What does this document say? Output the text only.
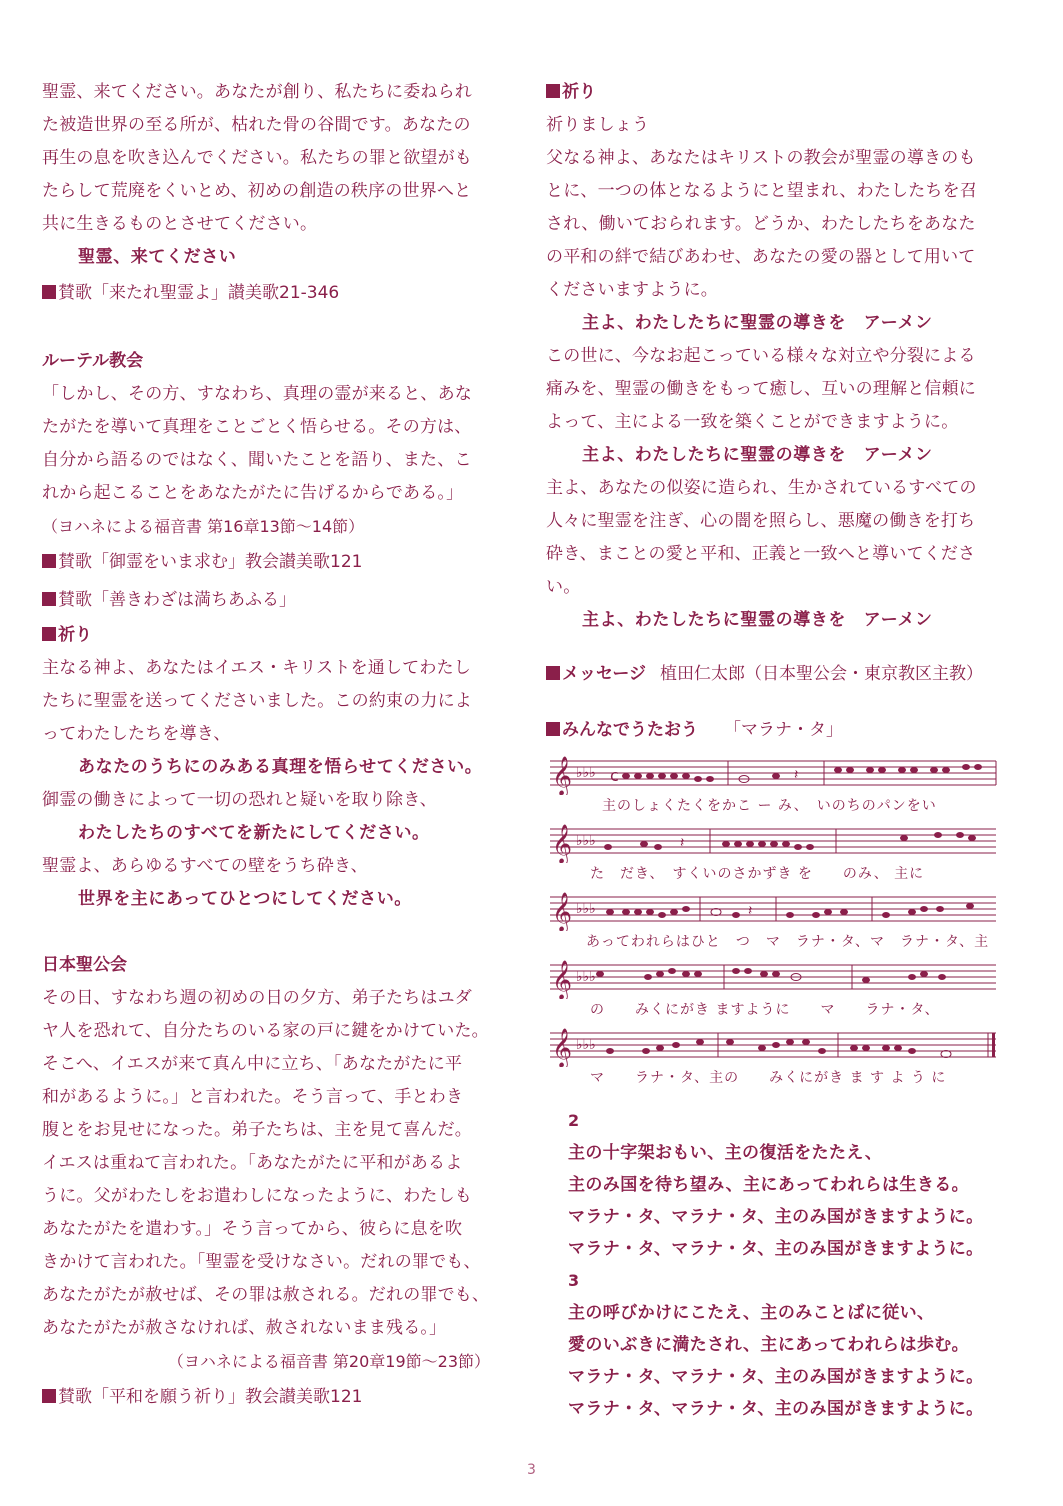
聖霊、来てください。あなたが創り、私たちに委ねられ
た被造世界の至る所が、枯れた骨の谷間です。あなたの
再生の息を吹き込んでください。私たちの罪と欲望がも
たらして荒廃をくいとめ、初めの創造の秩序の世界へと
共に生きるものとさせてください。
聖霊、来てください
賛歌「来たれ聖霊よ」讃美歌21-346
ルーテル教会
「しかし、その方、すなわち、真理の霊が来ると、あな
たがたを導いて真理をことごとく悟らせる。その方は、
自分から語るのではなく、聞いたことを語り、また、こ
れから起こることをあなたがたに告げるからである。」
（ヨハネによる福音書 第16章13節～14節）
賛歌「御霊をいま求む」教会讃美歌121
賛歌「善きわざは満ちあふる」
祈り
主なる神よ、あなたはイエス・キリストを通してわたし
たちに聖霊を送ってくださいました。この約束の力によ
ってわたしたちを導き、
あなたのうちにのみある真理を悟らせてください。
御霊の働きによって一切の恐れと疑いを取り除き、
わたしたちのすべてを新たにしてください。
聖霊よ、あらゆるすべての壁をうち砕き、
世界を主にあってひとつにしてください。
日本聖公会
その日、すなわち週の初めの日の夕方、弟子たちはユダ
ヤ人を恐れて、自分たちのいる家の戸に鍵をかけていた。
そこへ、イエスが来て真ん中に立ち、「あなたがたに平
和があるように。」と言われた。そう言って、手とわき
腹とをお見せになった。弟子たちは、主を見て喜んだ。
イエスは重ねて言われた。「あなたがたに平和があるよ
うに。父がわたしをお遣わしになったように、わたしも
あなたがたを遣わす。」そう言ってから、彼らに息を吹
きかけて言われた。「聖霊を受けなさい。だれの罪でも、
あなたがたが赦せば、その罪は赦される。だれの罪でも、
あなたがたが赦さなければ、赦されないまま残る。」
（ヨハネによる福音書 第20章19節～23節）
賛歌「平和を願う祈り」教会讃美歌121
祈り
祈りましょう
父なる神よ、あなたはキリストの教会が聖霊の導きのも
とに、一つの体となるようにと望まれ、わたしたちを召
され、働いておられます。どうか、わたしたちをあなた
の平和の絆で結びあわせ、あなたの愛の器として用いて
くださいますように。
主よ、わたしたちに聖霊の導きを　アーメン
この世に、今なお起こっている様々な対立や分裂による
痛みを、聖霊の働きをもって癒し、互いの理解と信頼に
よって、主による一致を築くことができますように。
主よ、わたしたちに聖霊の導きを　アーメン
主よ、あなたの似姿に造られ、生かされているすべての
人々に聖霊を注ぎ、心の闇を照らし、悪魔の働きを打ち
砕き、まことの愛と平和、正義と一致へと導いてくださ
い。
主よ、わたしたちに聖霊の導きを　アーメン
メッセージ 植田仁太郎（日本聖公会・東京教区主教）
みんなでうたおう 「マラナ・タ」
𝄞 ♭♭♭ c	𝄽
主のしょくたくをかこ ー み、　いのちのパンをい
𝄞 ♭♭♭	𝄽
た　だき、　すくいのさかずき を　　のみ、 主に
𝄞 ♭♭♭	𝄽
あってわれらはひと　つ　マ　ラナ・タ、マ　ラナ・タ、主
𝄞 ♭♭♭
の　　みくにがき ますように　　マ　　ラナ・タ、
𝄞 ♭♭♭
マ　　ラナ・タ、主の　　みくにがき ま す よ う に
2
主の十字架おもい、主の復活をたたえ、
主のみ国を待ち望み、主にあってわれらは生きる。
マラナ・タ、マラナ・タ、主のみ国がきますように。
マラナ・タ、マラナ・タ、主のみ国がきますように。
3
主の呼びかけにこたえ、主のみことばに従い、
愛のいぶきに満たされ、主にあってわれらは歩む。
マラナ・タ、マラナ・タ、主のみ国がきますように。
マラナ・タ、マラナ・タ、主のみ国がきますように。
3
